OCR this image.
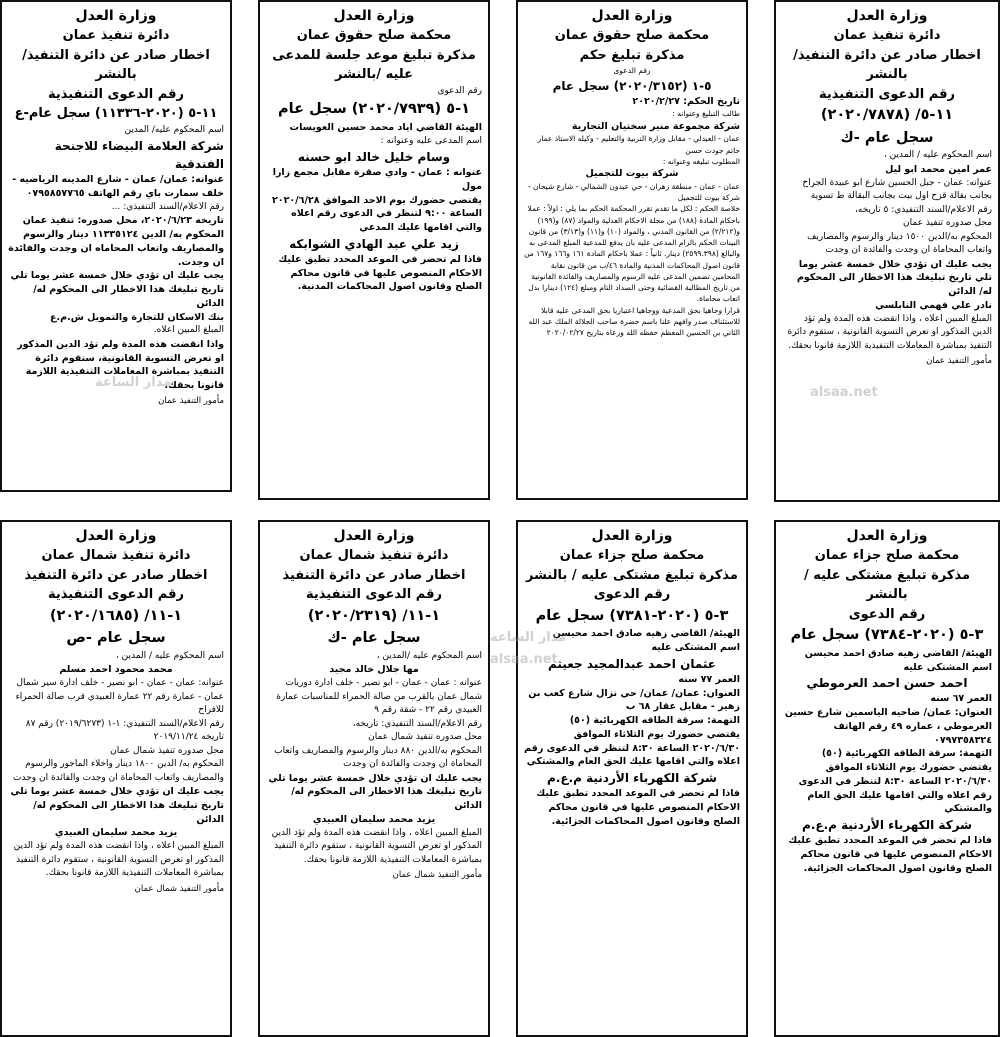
وزارة العدل

دائرة تنفيذ عمان

اخطار صادر عن دائرة التنفيذ/بالنشر

رقم الدعوى التنفيذية

١١-٥ (٢٠٢٠-١١٣٣٦) سجل عام-ع

اسم المحكوم عليه/ المدين

شركة العلامة البيضاء للاجنحة الفندقية

عنوانه: عمان/ عمان - شارع المدينه الرياضيه - خلف سمارت باي رقم الهاتف ٠٧٩٥٨٥٧٧٦٥

رقم الاعلام/السند التنفيذي: ...

تاريخه ٢٠٢٠/٦/٢٣، محل صدوره: تنفيذ عمان

المحكوم به/ الدين ١١٣٣٥١٢٤ دينار والرسوم والمصاريف واتعاب المحاماه ان وجدت والفائدة ان وجدت.

يجب عليك ان تؤدي خلال خمسة عشر يوما تلي تاريخ تبليغك هذا الاخطار الى المحكوم له/ الدائن

بنك الاسكان للتجارة والتمويل ش.م.ع

المبلغ المبين اعلاه.

واذا انقضت هذه المدة ولم تؤد الدين المذكور او تعرض التسوية القانونية، ستقوم دائرة التنفيذ بمباشرة المعاملات التنفيذية اللازمة قانونا بحقك.

مأمور التنفيذ عمان

وزارة العدل

محكمة صلح حقوق عمان

مذكرة تبليغ موعد جلسة للمدعى عليه /بالنشر

رقم الدعوى

١-٥ (٢٠٢٠/٧٩٣٩) سجل عام

الهيئة القاضي اياد محمد حسين العويسات

اسم المدعى عليه وعنوانه :

وسام خليل خالد ابو حسنه

عنوانه : عمان - وادي صقرة مقابل مجمع زارا مول

يقتضي حضورك يوم الاحد الموافق ٢٠٢٠/٦/٢٨ الساعة ٩:٠٠ لتنظر في الدعوى رقم اعلاه والتي اقامها عليك المدعي

زيد علي عبد الهادي الشوابكه

فاذا لم تحضر في الموعد المحدد تطبق عليك الاحكام المنصوص عليها في قانون محاكم الصلح وقانون اصول المحاكمات المدنية.

وزارة العدل

محكمة صلح حقوق عمان

مذكرة تبليغ حكم

رقم الدعوى

٥-١ (٢٠٢٠/٣١٥٢) سجل عام

تاريخ الحكم: ٢٠٢٠/٢/٢٧

طالب التبليغ وعنوانه :

شركة مجموعة منير سختيان التجارية

عمان - العبدلي - مقابل وزارة التربية والتعليم - وكيله الاستاذ عمار حاتم جودت حسن

المطلوب تبليغه وعنوانه :

شركة بيوت للتجميل

عمان - عمان - منطقة زهران - حي عبدون الشمالي - شارع شيحان - شركة بيوت للتجميل

خلاصة الحكم : لكل ما تقدم تقرر المحكمة الحكم بما يلي : اولاً : عملا باحكام المادة (١٨٨) من مجلة الاحكام العدلية والمواد (٨٧) و(١٩٩) و(٢/٢١٢) من القانون المدني ، والمواد (١٠) و(١١) و(٣/١٣) من قانون البينات الحكم بالزام المدعى عليه بان يدفع للمدعية المبلغ المدعى به والبالغ (٢٥٩٩.٣٩٨) دينار. ثانياً : عملا باحكام المادة ١٦١ و١٦٦ و١٦٧ من قانون اصول المحاكمات المدنية والمادة ٤٦/ب من قانون نقابة المحامين تضمين المدعى عليه الرسوم والمصاريف والفائدة القانونية من تاريخ المطالبة القضائية وحتى السداد التام ومبلغ (١٢٤) دينارا بدل اتعاب محاماة.

قرارا وجاهيا بحق المدعية ووجاهيا اعتباريا بحق المدعى عليه قابلا للاستئناف صدر وافهم علنا باسم حضرة صاحب الجلالة الملك عبد الله الثاني بن الحسين المعظم حفظه الله ورعاه بتاريخ ٢٠٢٠/٠٢/٢٧

وزارة العدل

دائرة تنفيذ عمان

اخطار صادر عن دائرة التنفيذ/بالنشر

رقم الدعوى التنفيذية

١١-٥/ (٢٠٢٠/٧٨٧٨)

سجل عام -ك

اسم المحكوم عليه / المدين ،

عمر امين محمد ابو ليل

عنوانه: عمان - جبل الحسين شارع ابو عبيدة الجراح بجانب بقالة قزح اول بيت بجانب البقالة ط تسوية

رقم الاعلام/السند التنفيذي: ٥ تاريخه،

محل صدوره تنفيذ عمان

المحكوم به/الدين ١٥٠٠ دينار والرسوم والمصاريف واتعاب المحاماة ان وجدت والفائدة ان وجدت

يجب عليك ان تؤدي خلال خمسة عشر يوما تلي تاريخ تبليغك هذا الاخطار الى المحكوم له/ الدائن

نادر علي فهمي النابلسي

المبلغ المبين اعلاه ، واذا انقضت هذه المدة ولم تؤد الدين المذكور او تعرض التسوية القانونية ، ستقوم دائرة التنفيذ بمباشرة المعاملات التنفيذية اللازمة قانونا بحقك.

مأمور التنفيذ عمان

وزارة العدل

دائرة تنفيذ شمال عمان

اخطار صادر عن دائرة التنفيذ

رقم الدعوى التنفيذية

١-١١/ (٢٠٢٠/١٦٨٥)

سجل عام -ص

اسم المحكوم عليه / المدين ،

محمد محمود احمد مسلم

عنوانه: عمان - عمان - ابو نصير - خلف ادارة سير شمال عمان - عمارة رقم ٢٢ عمارة العبيدي قرب صالة الحمراء للافراح

رقم الاعلام/السند التنفيذي: ١-١ (٢٠١٩/٦٢٧٣) رقم ٨٧ تاريخه ٢٠١٩/١١/٢٤

محل صدوره تنفيذ شمال عمان

المحكوم به/ الدين ١٨٠٠ دينار واخلاء الماجور والرسوم والمصاريف واتعاب المحاماة ان وجدت والفائدة ان وجدت

يجب عليك ان تؤدي خلال خمسة عشر يوما تلي تاريخ تبليغك هذا الاخطار الى المحكوم له/ الدائن

يزيد محمد سليمان العبيدي

المبلغ المبين اعلاه ، واذا انقضت هذه المدة ولم تؤد الدين المذكور او تعرض التسوية القانونية ، ستقوم دائرة التنفيذ بمباشرة المعاملات التنفيذية اللازمة قانونا بحقك.

مأمور التنفيذ شمال عمان

وزارة العدل

دائرة تنفيذ شمال عمان

اخطار صادر عن دائرة التنفيذ

رقم الدعوى التنفيذية

١-١١/ (٢٠٢٠/٢٣١٩)

سجل عام -ك

اسم المحكوم عليه /المدين ،

مها جلال خالد مجيد

عنوانه : عمان - عمان - ابو نصير - خلف ادارة دوريات شمال عمان بالقرب من صالة الحمراء للمناسبات عمارة العبيدي رقم ٢٢ - شقة رقم ٩

رقم الاعلام/السند التنفيذي: تاريخه،

محل صدوره تنفيذ شمال عمان

المحكوم به/الدين ٨٨٠ دينار والرسوم والمصاريف واتعاب المحاماة ان وجدت والفائدة ان وجدت

يجب عليك ان تؤدي خلال خمسة عشر يوما تلي تاريخ تبليغك هذا الاخطار الى المحكوم له/الدائن

يزيد محمد سليمان العبيدي

المبلغ المبين اعلاه ، واذا انقضت هذه المدة ولم تؤد الدين المذكور او تعرض التسوية القانونية ، ستقوم دائرة التنفيذ بمباشرة المعاملات التنفيذية اللازمة قانونا بحقك.

مأمور التنفيذ شمال عمان

وزارة العدل

محكمة صلح جزاء عمان

مذكرة تبليغ مشتكى عليه / بالنشر

رقم الدعوى

٣-٥ (٢٠٢٠-٧٣٨١) سجل عام

الهيئة/ القاضي زهيه صادق احمد محيسن

اسم المشتكى عليه

عثمان احمد عبدالمجيد جعيثم

العمر ٧٧ سنه

العنوان: عمان/ عمان/ حي نزال شارع كعب بن زهير - مقابل عقار ٦٨ ب

التهمة: سرقة الطاقه الكهربائية (٥٠)

يقتضي حضورك يوم الثلاثاء الموافق ٢٠٢٠/٦/٣٠ الساعة ٨:٣٠ لتنظر في الدعوى رقم اعلاه والتي اقامها عليك الحق العام والمشتكي

شركة الكهرباء الأردنية م.ع.م

فاذا لم تحضر في الموعد المحدد تطبق عليك الاحكام المنصوص عليها في قانون محاكم الصلح وقانون اصول المحاكمات الجزائية.

وزارة العدل

محكمة صلح جزاء عمان

مذكرة تبليغ مشتكى عليه / بالنشر

رقم الدعوى

٣-٥ (٢٠٢٠-٧٣٨٤) سجل عام

الهيئة/ القاضي زهيه صادق احمد محيسن

اسم المشتكى عليه

احمد حسن احمد العرموطي

العمر ٦٧ سنه

العنوان: عمان/ ضاحيه الياسمين شارع حسين العرموطي ، عماره ٤٩ رقم الهاتف ٠٧٩٧٣٥٨٣٢٤

التهمة: سرقة الطاقه الكهربائية (٥٠)

يقتضي حضورك يوم الثلاثاء الموافق ٢٠٢٠/٦/٣٠ الساعة ٨:٣٠ لتنظر في الدعوى رقم اعلاه والتي اقامها عليك الحق العام والمشتكي

شركة الكهرباء الأردنية م.ع.م

فاذا لم تحضر في الموعد المحدد تطبق عليك الاحكام المنصوص عليها في قانون محاكم الصلح وقانون اصول المحاكمات الجزائية.

مدار الساعة
alsaa.net
مدار الساعة
alsaa.net
